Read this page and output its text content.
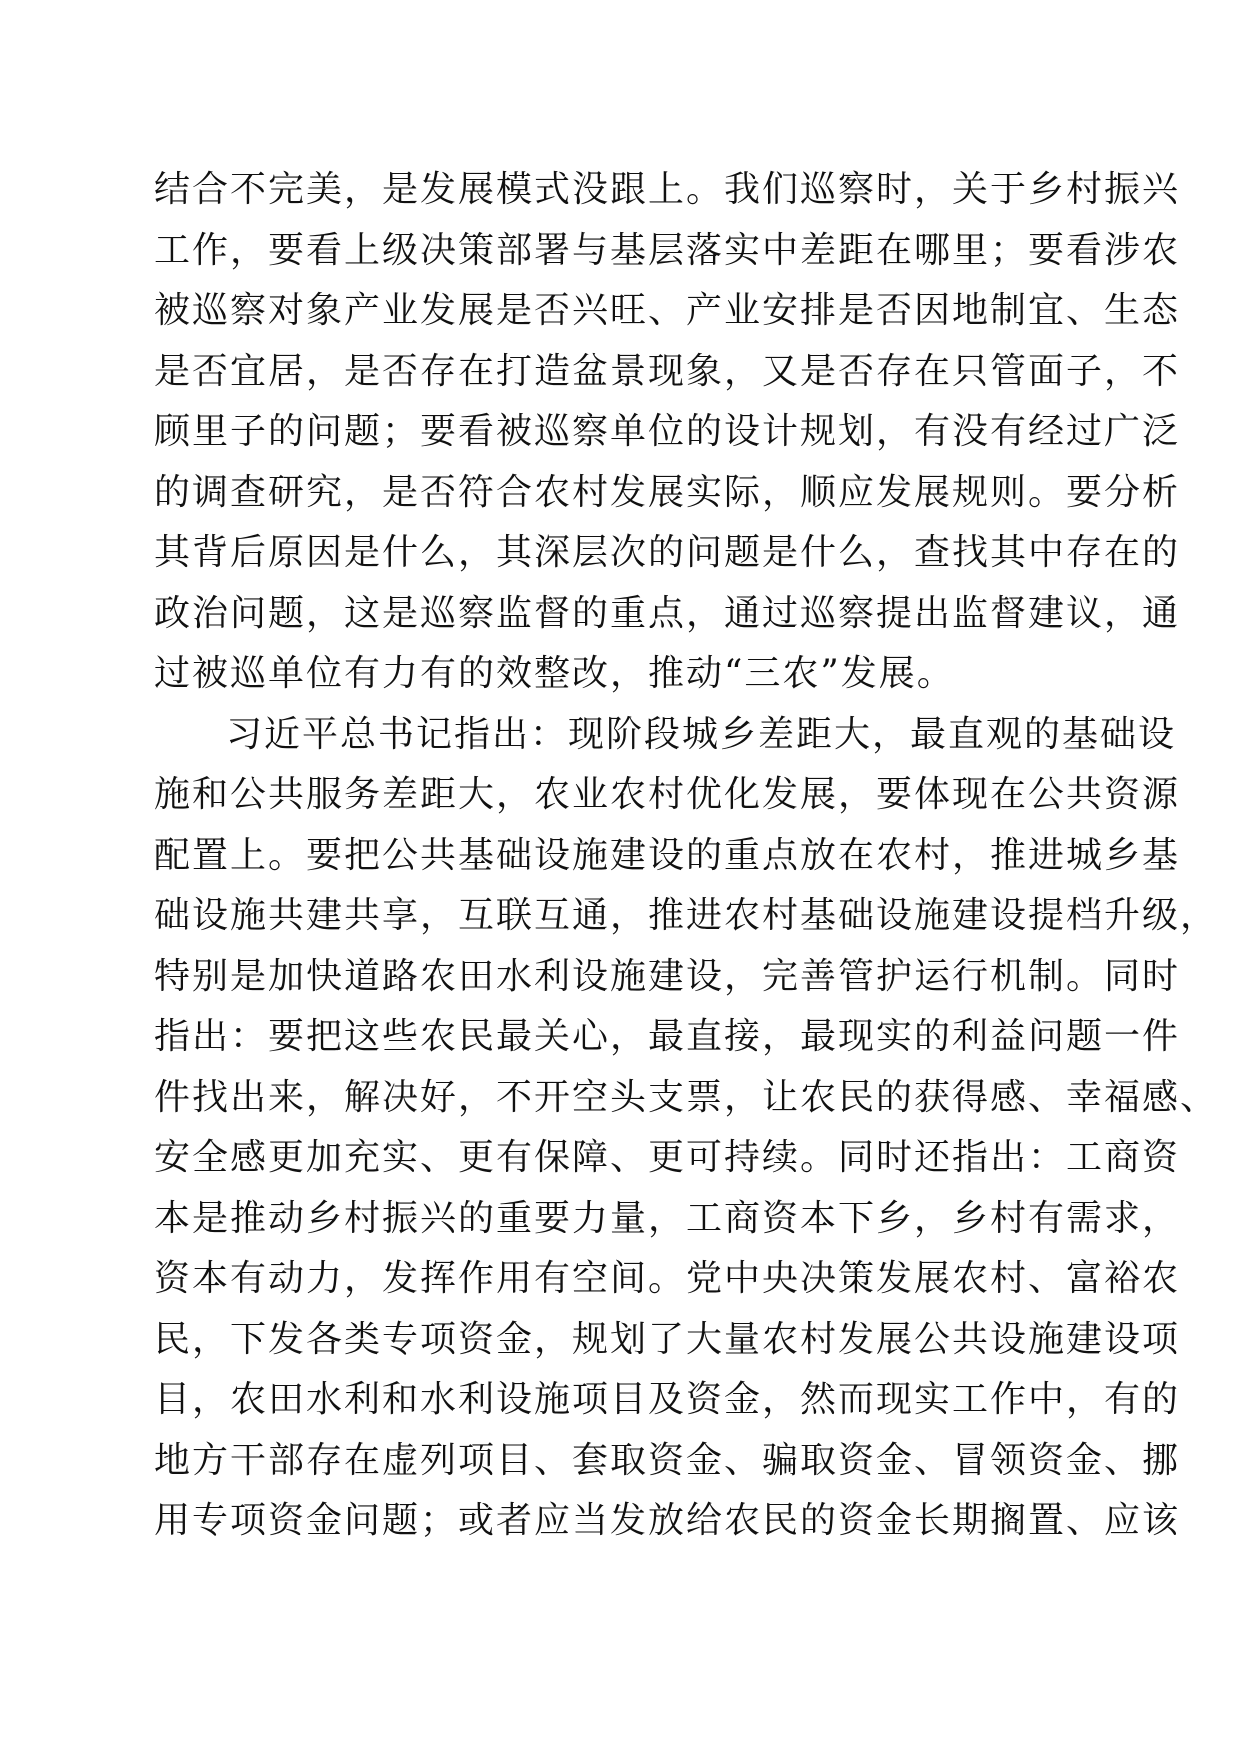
结合不完美，是发展模式没跟上。我们巡察时，关于乡村振兴
工作，要看上级决策部署与基层落实中差距在哪里；要看涉农
被巡察对象产业发展是否兴旺、产业安排是否因地制宜、生态
是否宜居，是否存在打造盆景现象，又是否存在只管面子，不
顾里子的问题；要看被巡察单位的设计规划，有没有经过广泛
的调查研究，是否符合农村发展实际，顺应发展规则。要分析
其背后原因是什么，其深层次的问题是什么，查找其中存在的
政治问题，这是巡察监督的重点，通过巡察提出监督建议，通
过被巡单位有力有的效整改，推动“三农”发展。
习近平总书记指出：现阶段城乡差距大，最直观的基础设
施和公共服务差距大，农业农村优化发展，要体现在公共资源
配置上。要把公共基础设施建设的重点放在农村，推进城乡基
础设施共建共享，互联互通，推进农村基础设施建设提档升级，
特别是加快道路农田水利设施建设，完善管护运行机制。同时
指出：要把这些农民最关心，最直接，最现实的利益问题一件
件找出来，解决好，不开空头支票，让农民的获得感、幸福感、
安全感更加充实、更有保障、更可持续。同时还指出：工商资
本是推动乡村振兴的重要力量，工商资本下乡，乡村有需求，
资本有动力，发挥作用有空间。党中央决策发展农村、富裕农
民，下发各类专项资金，规划了大量农村发展公共设施建设项
目，农田水利和水利设施项目及资金，然而现实工作中，有的
地方干部存在虚列项目、套取资金、骗取资金、冒领资金、挪
用专项资金问题；或者应当发放给农民的资金长期搁置、应该
